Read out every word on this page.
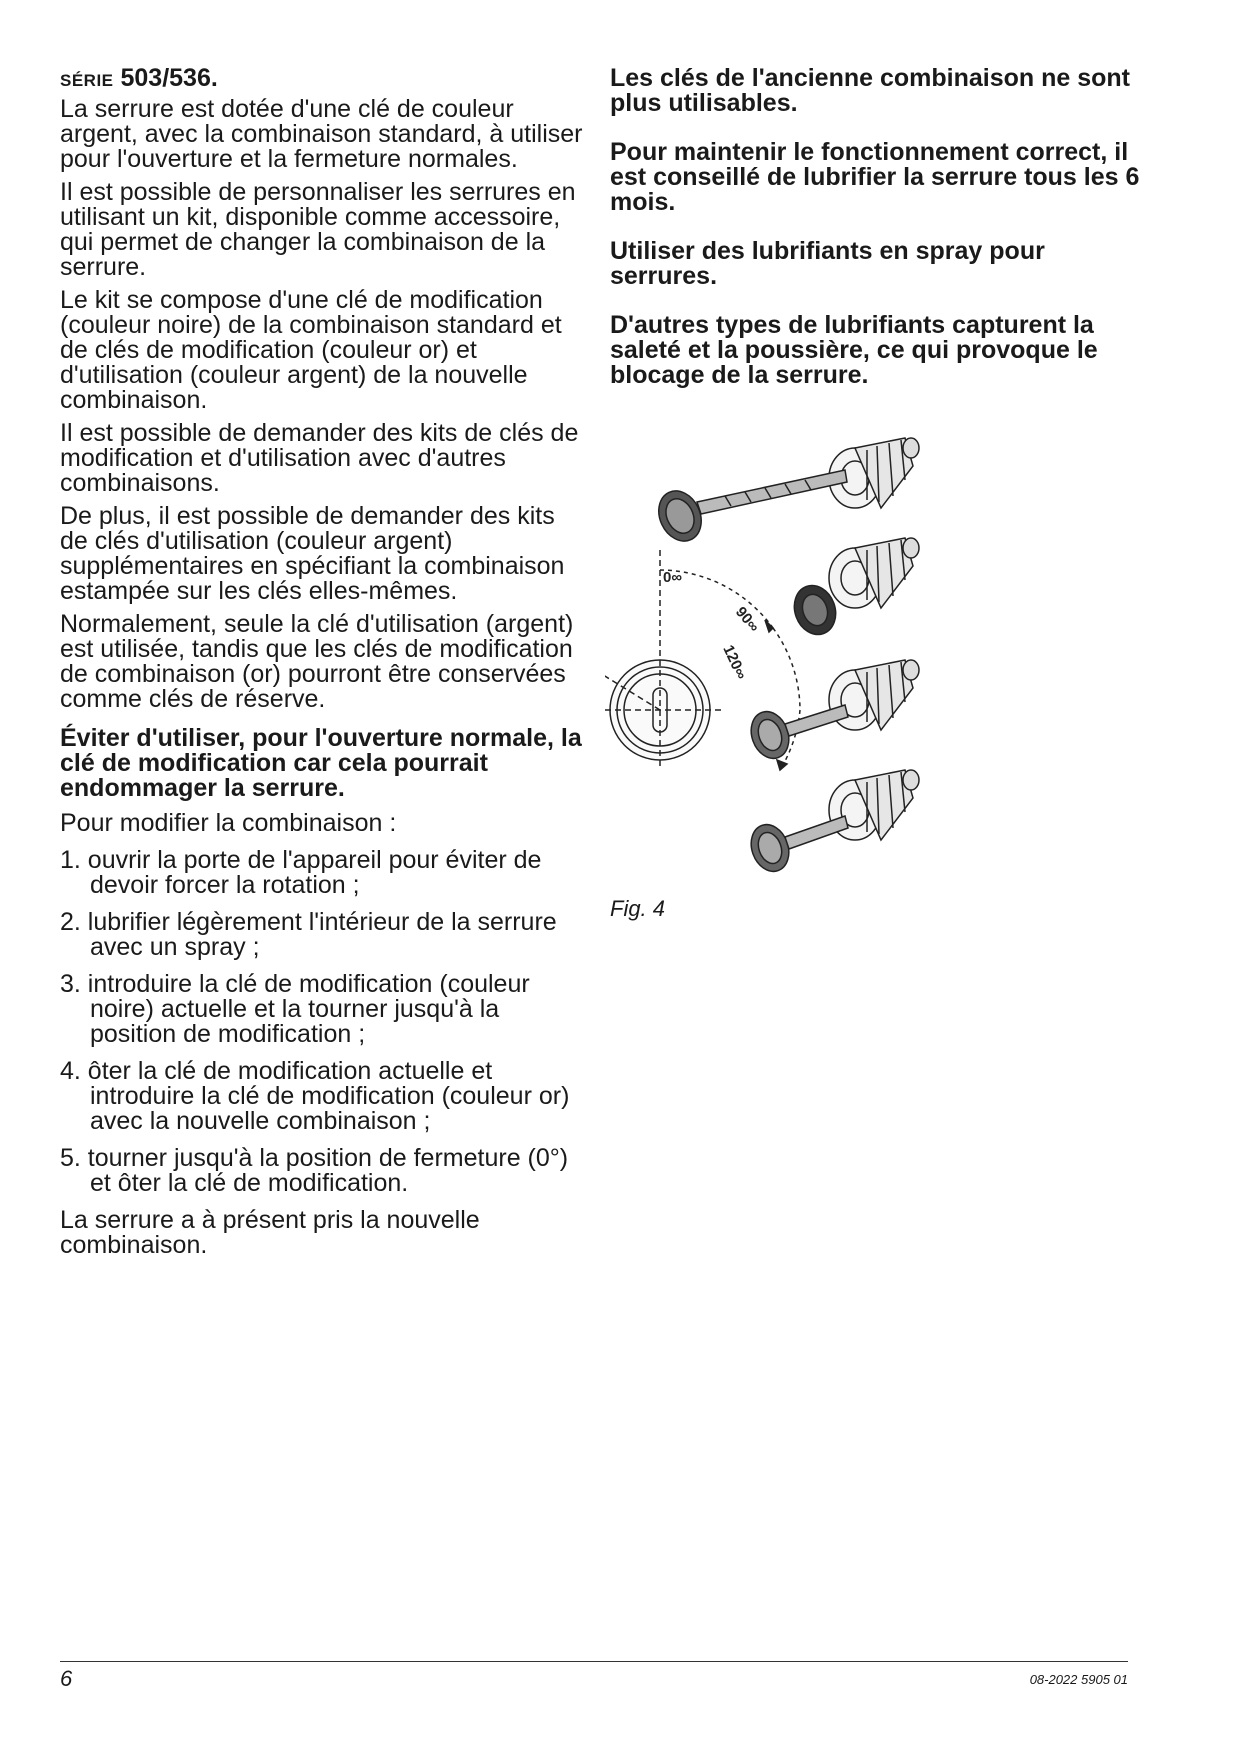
SÉRIE 503/536.

La serrure est dotée d'une clé de couleur argent, avec la combinaison standard, à utiliser pour l'ouverture et la fermeture normales.

Il est possible de personnaliser les serrures en utilisant un kit, disponible comme accessoire, qui permet de changer la combinaison de la serrure.

Le kit se compose d'une clé de modification (couleur noire) de la combinaison standard et de clés de modification (couleur or) et d'utilisation (couleur argent) de la nouvelle combinaison.

Il est possible de demander des kits de clés de modification et d'utilisation avec d'autres combinaisons.

De plus, il est possible de demander des kits de clés d'utilisation (couleur argent) supplémentaires en spécifiant la combinaison estampée sur les clés elles-mêmes.

Normalement, seule la clé d'utilisation (argent) est utilisée, tandis que les clés de modification de combinaison (or) pourront être conservées comme clés de réserve.

Éviter d'utiliser, pour l'ouverture normale, la clé de modification car cela pourrait endommager la serrure.

Pour modifier la combinaison :

1. ouvrir la porte de l'appareil pour éviter de devoir forcer la rotation ;
2. lubrifier légèrement l'intérieur de la serrure avec un spray ;
3. introduire la clé de modification (couleur noire) actuelle et la tourner jusqu'à la position de modification ;
4. ôter la clé de modification actuelle et introduire la clé de modification (couleur or) avec la nouvelle combinaison ;
5. tourner jusqu'à la position de fermeture (0°) et ôter la clé de modification.

La serrure a à présent pris la nouvelle combinaison.

Les clés de l'ancienne combinaison ne sont plus utilisables.

Pour maintenir le fonctionnement correct, il est conseillé de lubrifier la serrure tous les 6 mois.

Utiliser des lubrifiants en spray pour serrures.

D'autres types de lubrifiants capturent la saleté et la poussière, ce qui provoque le blocage de la serrure.

0∞
90∞
120∞
Fig. 4
6	08-2022 5905 01
